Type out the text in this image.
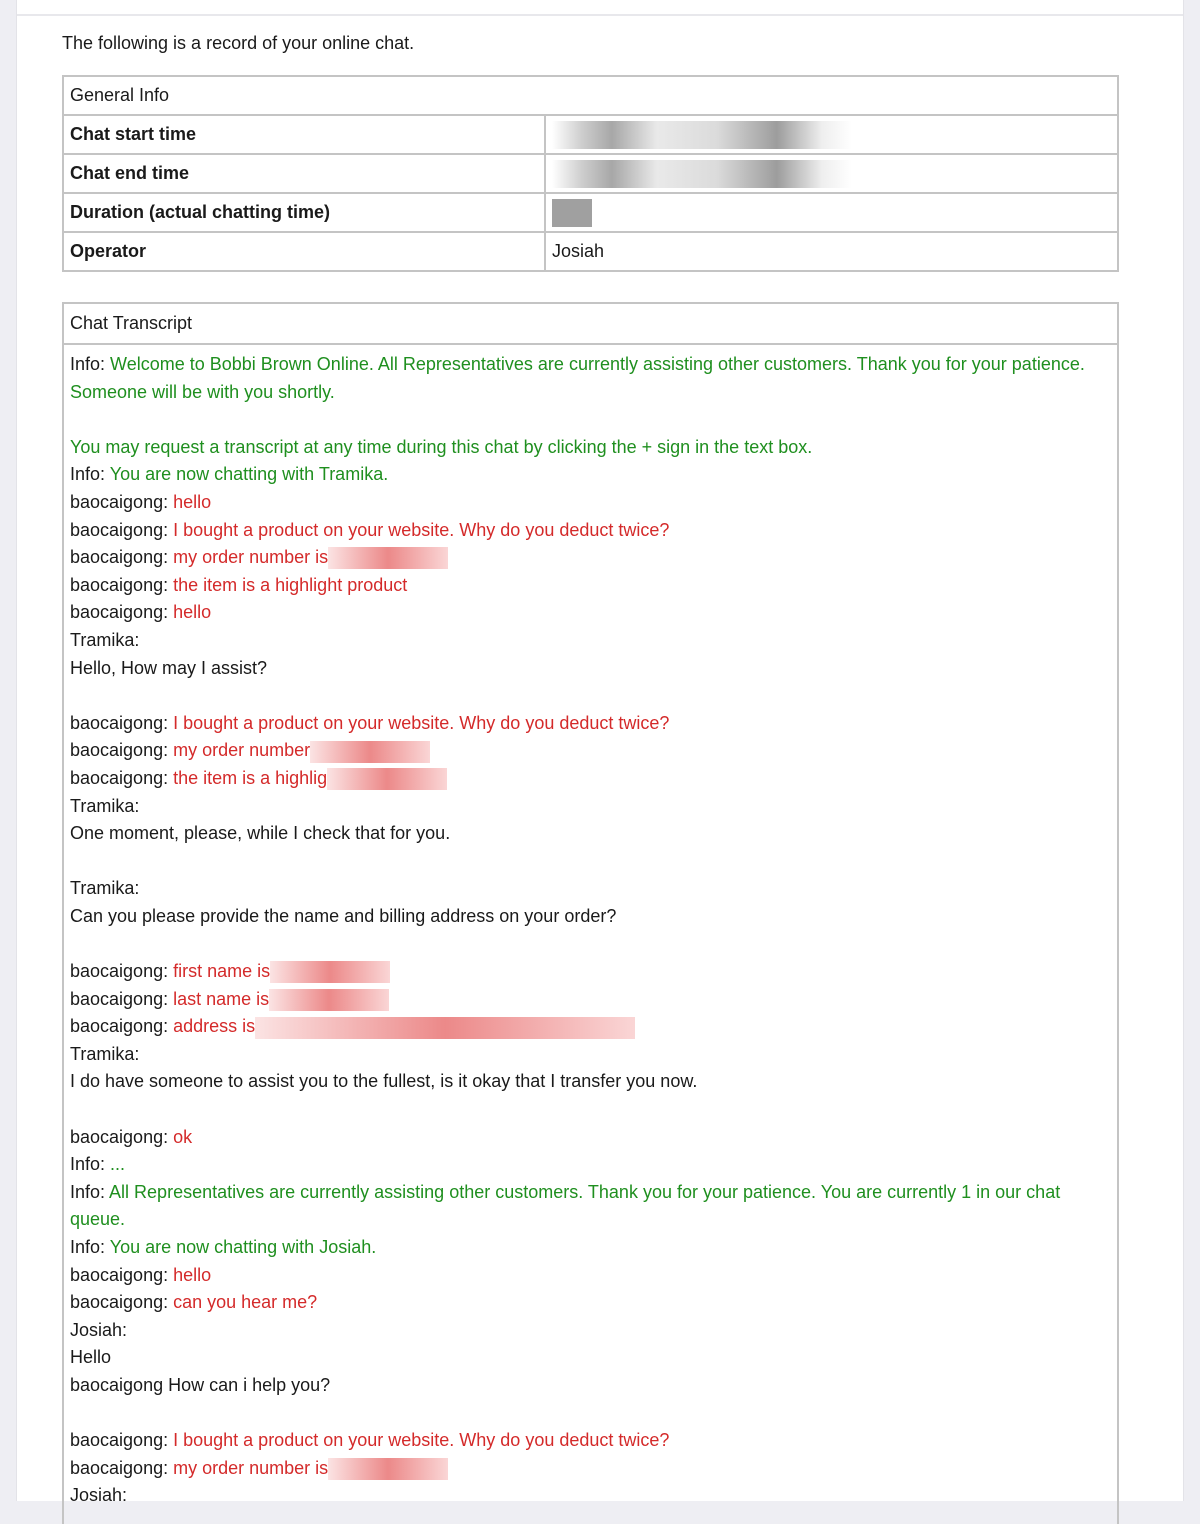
The following is a record of your online chat.
General Info	
Chat start time	
Chat end time	
Duration (actual chatting time)	
Operator	Josiah
Chat Transcript
Info: Welcome to Bobbi Brown Online. All Representatives are currently assisting other customers. Thank you for your patience. Someone will be with you shortly.
You may request a transcript at any time during this chat by clicking the + sign in the text box.
Info: You are now chatting with Tramika.
baocaigong: hello
baocaigong: I bought a product on your website. Why do you deduct twice?
baocaigong: my order number is
baocaigong: the item is a highlight product
baocaigong: hello
Tramika:
Hello, How may I assist?
baocaigong: I bought a product on your website. Why do you deduct twice?
baocaigong: my order number
baocaigong: the item is a highlig
Tramika:
One moment, please, while I check that for you.
Tramika:
Can you please provide the name and billing address on your order?
baocaigong: first name is
baocaigong: last name is
baocaigong: address is
Tramika:
I do have someone to assist you to the fullest, is it okay that I transfer you now.
baocaigong: ok
Info: ...
Info: All Representatives are currently assisting other customers. Thank you for your patience. You are currently 1 in our chat queue.
Info: You are now chatting with Josiah.
baocaigong: hello
baocaigong: can you hear me?
Josiah:
Hello
baocaigong How can i help you?
baocaigong: I bought a product on your website. Why do you deduct twice?
baocaigong: my order number is
Josiah:
